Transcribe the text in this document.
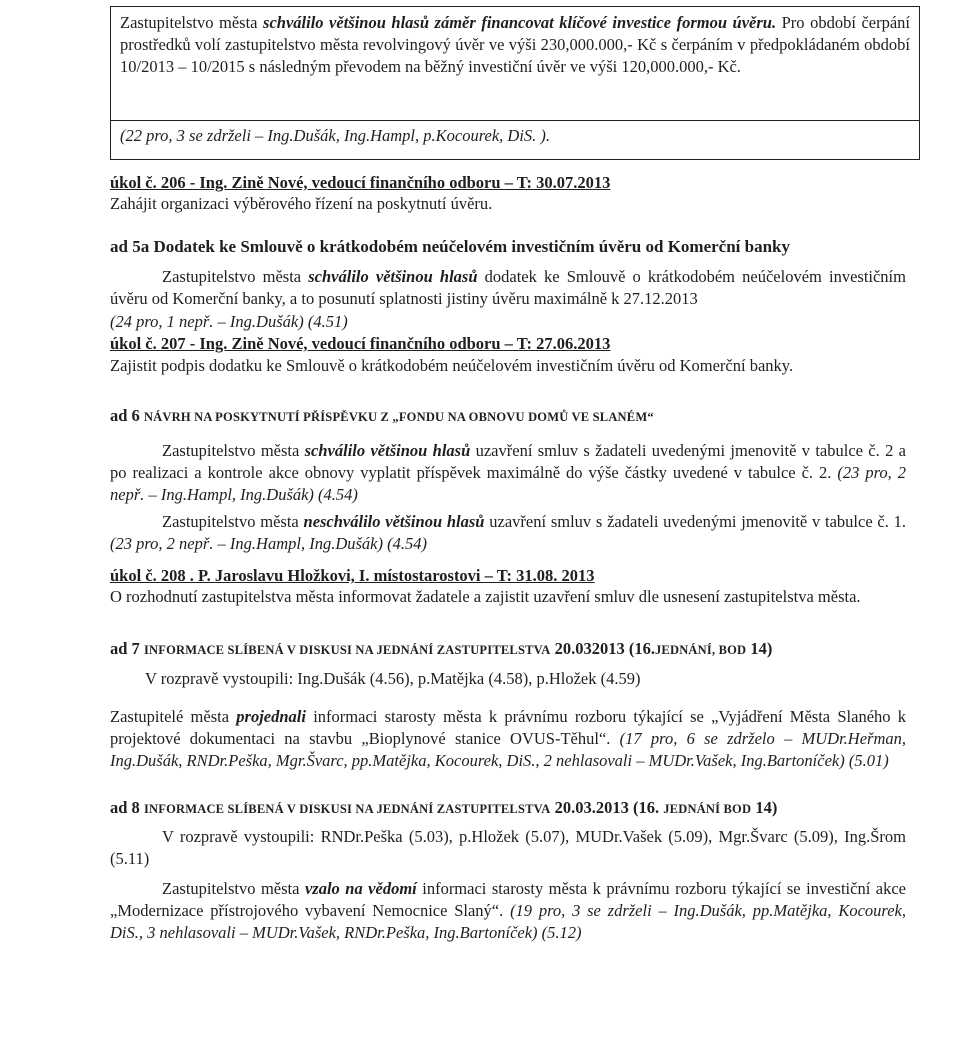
Zastupitelstvo města schválilo většinou hlasů záměr financovat klíčové investice formou úvěru. Pro období čerpání prostředků volí zastupitelstvo města revolvingový úvěr ve výši 230,000.000,- Kč s čerpáním v předpokládaném období 10/2013 – 10/2015 s následným převodem na běžný investiční úvěr ve výši 120,000.000,- Kč.
(22 pro, 3 se zdrželi – Ing.Dušák, Ing.Hampl, p.Kocourek, DiS. ).
úkol č. 206 - Ing. Zině Nové, vedoucí finančního odboru – T: 30.07.2013
Zahájit organizaci výběrového řízení na poskytnutí úvěru.
ad 5a Dodatek ke Smlouvě o krátkodobém neúčelovém investičním úvěru od Komerční banky
Zastupitelstvo města schválilo většinou hlasů dodatek ke Smlouvě o krátkodobém neúčelovém investičním úvěru od Komerční banky, a to posunutí splatnosti jistiny úvěru maximálně k 27.12.2013
(24 pro, 1 nepř. – Ing.Dušák) (4.51)
úkol č. 207 - Ing. Zině Nové, vedoucí finančního odboru – T: 27.06.2013
Zajistit podpis dodatku ke Smlouvě o krátkodobém neúčelovém investičním úvěru od Komerční banky.
ad 6 NÁVRH NA POSKYTNUTÍ PŘÍSPĚVKU Z „FONDU NA OBNOVU DOMŮ VE SLANÉM“
Zastupitelstvo města schválilo většinou hlasů uzavření smluv s žadateli uvedenými jmenovitě v tabulce č. 2 a po realizaci a kontrole akce obnovy vyplatit příspěvek maximálně do výše částky uvedené v tabulce č. 2. (23 pro, 2 nepř. – Ing.Hampl, Ing.Dušák) (4.54)
Zastupitelstvo města neschválilo většinou hlasů uzavření smluv s žadateli uvedenými jmenovitě v tabulce č. 1. (23 pro, 2 nepř. – Ing.Hampl, Ing.Dušák) (4.54)
úkol č. 208 . P. Jaroslavu Hložkovi, I. místostarostovi – T: 31.08. 2013
O rozhodnutí zastupitelstva města informovat žadatele a zajistit uzavření smluv dle usnesení zastupitelstva města.
ad 7 INFORMACE SLÍBENÁ V DISKUSI NA JEDNÁNÍ ZASTUPITELSTVA 20.032013 (16.JEDNÁNÍ, BOD 14)
V rozpravě vystoupili: Ing.Dušák (4.56), p.Matějka (4.58), p.Hložek (4.59)
Zastupitelé města projednali informaci starosty města k právnímu rozboru týkající se „Vyjádření Města Slaného k projektové dokumentaci na stavbu „Bioplynové stanice OVUS-Těhul“. (17 pro, 6 se zdrželo – MUDr.Heřman, Ing.Dušák, RNDr.Peška, Mgr.Švarc, pp.Matějka, Kocourek, DiS., 2 nehlasovali – MUDr.Vašek, Ing.Bartoníček) (5.01)
ad 8 INFORMACE SLÍBENÁ V DISKUSI NA JEDNÁNÍ ZASTUPITELSTVA 20.03.2013 (16. JEDNÁNÍ BOD 14)
V rozpravě vystoupili: RNDr.Peška (5.03), p.Hložek (5.07), MUDr.Vašek (5.09), Mgr.Švarc (5.09), Ing.Šrom (5.11)
Zastupitelstvo města vzalo na vědomí informaci starosty města k právnímu rozboru týkající se investiční akce „Modernizace přístrojového vybavení Nemocnice Slaný“. (19 pro, 3 se zdrželi – Ing.Dušák, pp.Matějka, Kocourek, DiS., 3 nehlasovali – MUDr.Vašek, RNDr.Peška, Ing.Bartoníček) (5.12)
